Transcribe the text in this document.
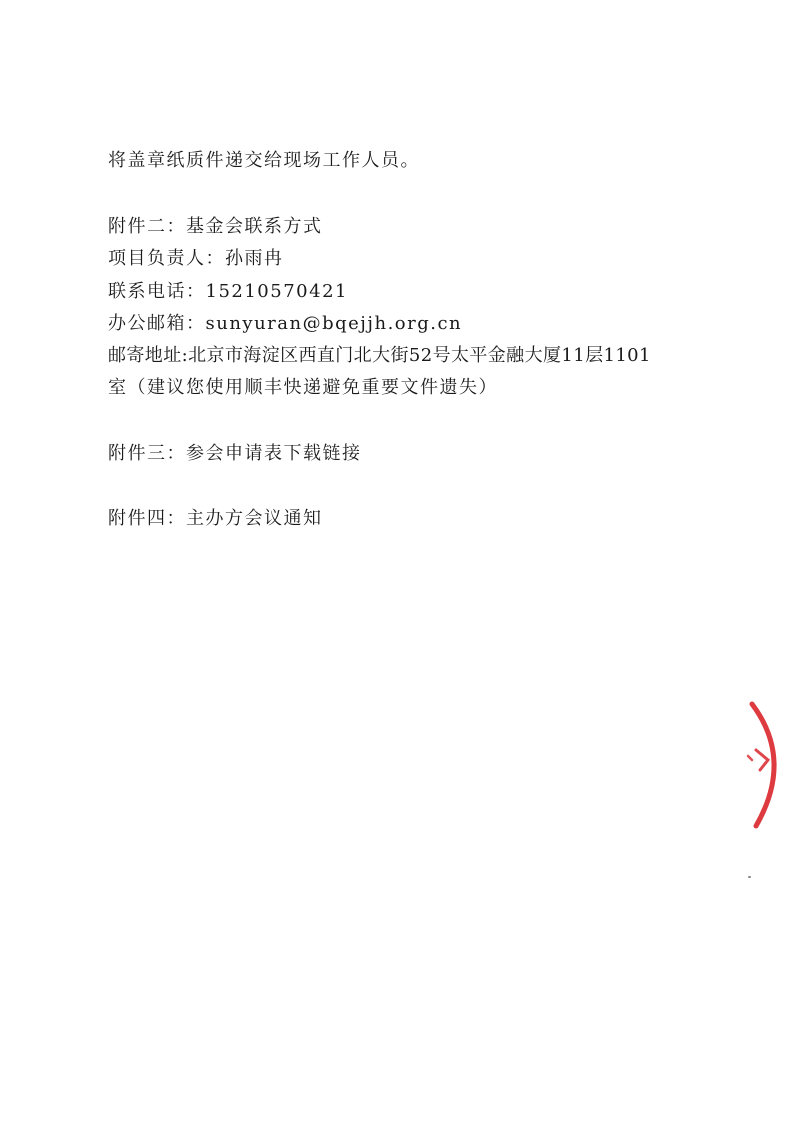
将盖章纸质件递交给现场工作人员。
附件二：基金会联系方式
项目负责人：孙雨冉
联系电话：15210570421
办公邮箱：sunyuran@bqejjh.org.cn
邮寄地址:北京市海淀区西直门北大街52号太平金融大厦11层1101
室（建议您使用顺丰快递避免重要文件遗失）
附件三：参会申请表下载链接
附件四：主办方会议通知
